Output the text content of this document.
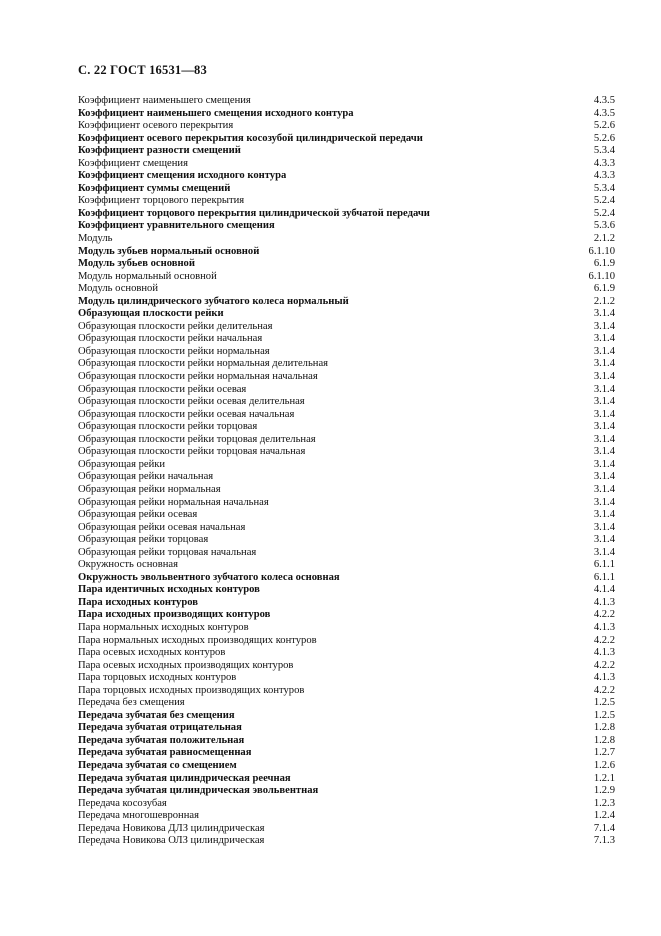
С. 22 ГОСТ 16531—83
Коэффициент наименьшего смещения	4.3.5
Коэффициент наименьшего смещения исходного контура	4.3.5
Коэффициент осевого перекрытия	5.2.6
Коэффициент осевого перекрытия косозубой цилиндрической передачи	5.2.6
Коэффициент разности смещений	5.3.4
Коэффициент смещения	4.3.3
Коэффициент смещения исходного контура	4.3.3
Коэффициент суммы смещений	5.3.4
Коэффициент торцового перекрытия	5.2.4
Коэффициент торцового перекрытия цилиндрической зубчатой передачи	5.2.4
Коэффициент уравнительного смещения	5.3.6
Модуль	2.1.2
Модуль зубьев нормальный основной	6.1.10
Модуль зубьев основной	6.1.9
Модуль нормальный основной	6.1.10
Модуль основной	6.1.9
Модуль цилиндрического зубчатого колеса нормальный	2.1.2
Образующая плоскости рейки	3.1.4
Образующая плоскости рейки делительная	3.1.4
Образующая плоскости рейки начальная	3.1.4
Образующая плоскости рейки нормальная	3.1.4
Образующая плоскости рейки нормальная делительная	3.1.4
Образующая плоскости рейки нормальная начальная	3.1.4
Образующая плоскости рейки осевая	3.1.4
Образующая плоскости рейки осевая делительная	3.1.4
Образующая плоскости рейки осевая начальная	3.1.4
Образующая плоскости рейки торцовая	3.1.4
Образующая плоскости рейки торцовая делительная	3.1.4
Образующая плоскости рейки торцовая начальная	3.1.4
Образующая рейки	3.1.4
Образующая рейки начальная	3.1.4
Образующая рейки нормальная	3.1.4
Образующая рейки нормальная начальная	3.1.4
Образующая рейки осевая	3.1.4
Образующая рейки осевая начальная	3.1.4
Образующая рейки торцовая	3.1.4
Образующая рейки торцовая начальная	3.1.4
Окружность основная	6.1.1
Окружность эвольвентного зубчатого колеса основная	6.1.1
Пара идентичных исходных контуров	4.1.4
Пара исходных контуров	4.1.3
Пара исходных производящих контуров	4.2.2
Пара нормальных исходных контуров	4.1.3
Пара нормальных исходных производящих контуров	4.2.2
Пара осевых исходных контуров	4.1.3
Пара осевых исходных производящих контуров	4.2.2
Пара торцовых исходных контуров	4.1.3
Пара торцовых исходных производящих контуров	4.2.2
Передача без смещения	1.2.5
Передача зубчатая без смещения	1.2.5
Передача зубчатая отрицательная	1.2.8
Передача зубчатая положительная	1.2.8
Передача зубчатая равносмещенная	1.2.7
Передача зубчатая со смещением	1.2.6
Передача зубчатая цилиндрическая реечная	1.2.1
Передача зубчатая цилиндрическая эвольвентная	1.2.9
Передача косозубая	1.2.3
Передача многошевронная	1.2.4
Передача Новикова ДЛЗ цилиндрическая	7.1.4
Передача Новикова ОЛЗ цилиндрическая	7.1.3
